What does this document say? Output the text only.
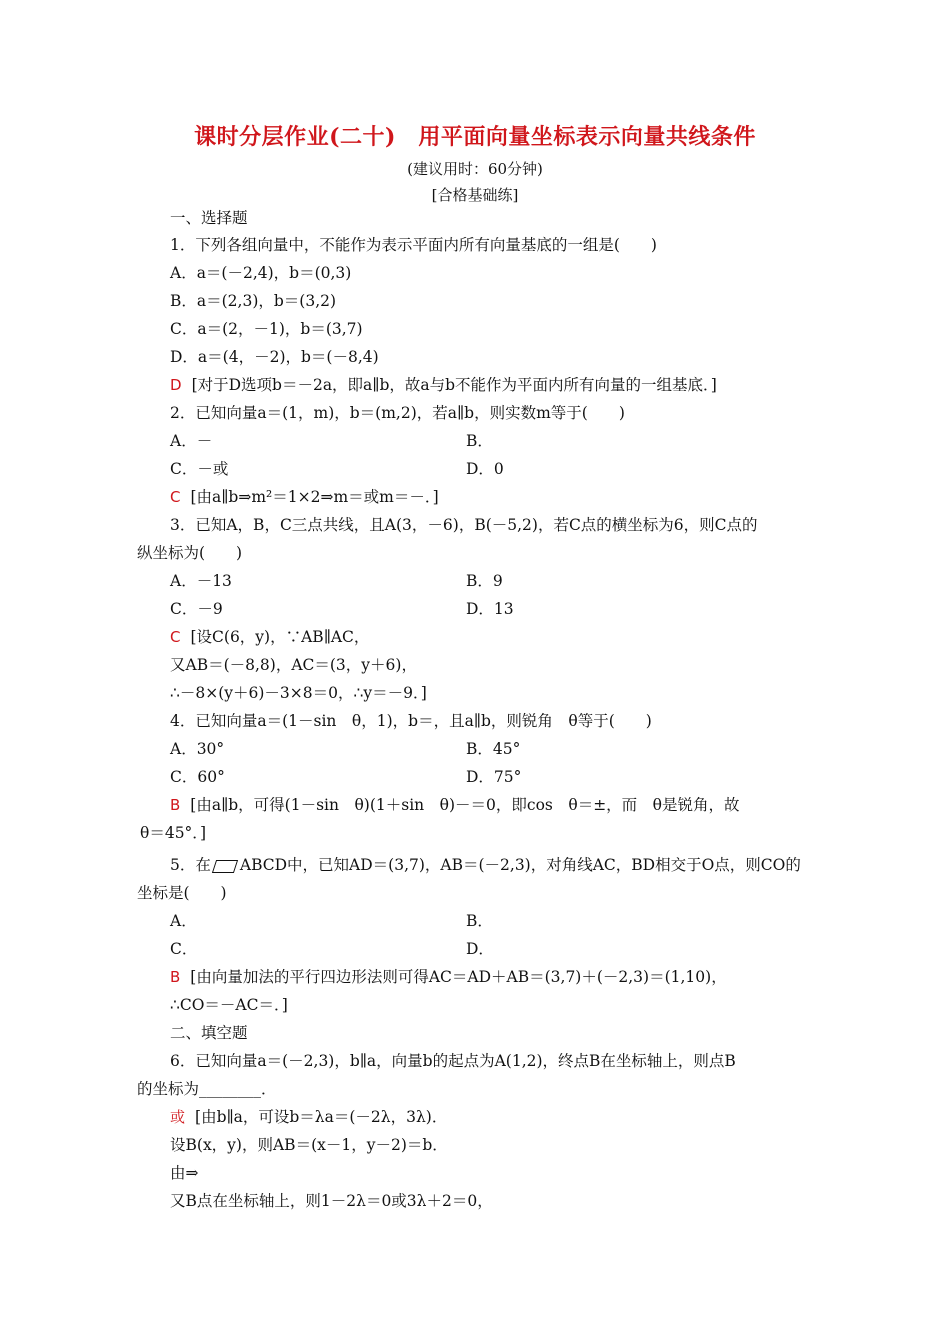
课时分层作业(二十)　用平面向量坐标表示向量共线条件
(建议用时：60分钟)
[合格基础练]
一、选择题
1．下列各组向量中，不能作为表示平面内所有向量基底的一组是(　　)
A．a＝(－2,4)，b＝(0,3)
B．a＝(2,3)，b＝(3,2)
C．a＝(2，－1)，b＝(3,7)
D．a＝(4，－2)，b＝(－8,4)
D [对于D选项b＝－2a，即a∥b，故a与b不能作为平面内所有向量的一组基底．]
2．已知向量a＝(1，m)，b＝(m,2)，若a∥b，则实数m等于(　　)
A．－	B．
C．－或	D．0
C [由a∥b⇒m²＝1×2⇒m＝或m＝－．]
3．已知A，B，C三点共线，且A(3，－6)，B(－5,2)，若C点的横坐标为6，则C点的
纵坐标为(　　)
A．－13	B．9
C．－9	D．13
C [设C(6，y)，∵AB∥AC，
又AB＝(－8,8)，AC＝(3，y＋6)，
∴－8×(y＋6)－3×8＝0，∴y＝－9．]
4．已知向量a＝(1－sin　θ，1)，b＝，且a∥b，则锐角　θ等于(　　)
A．30°	B．45°
C．60°	D．75°
B [由a∥b，可得(1－sin　θ)(1＋sin　θ)－＝0，即cos　θ＝±，而　θ是锐角，故
θ＝45°．]
5．在 ABCD中，已知AD＝(3,7)，AB＝(－2,3)，对角线AC，BD相交于O点，则CO的
坐标是(　　)
A．	B．
C．	D．
B [由向量加法的平行四边形法则可得AC＝AD＋AB＝(3,7)＋(－2,3)＝(1,10)，
∴CO＝－AC＝．]
二、填空题
6．已知向量a＝(－2,3)，b∥a，向量b的起点为A(1,2)，终点B在坐标轴上，则点B
的坐标为________．
或 [由b∥a，可设b＝λa＝(－2λ，3λ)．
设B(x，y)，则AB＝(x－1，y－2)＝b．
由⇒
又B点在坐标轴上，则1－2λ＝0或3λ＋2＝0，
